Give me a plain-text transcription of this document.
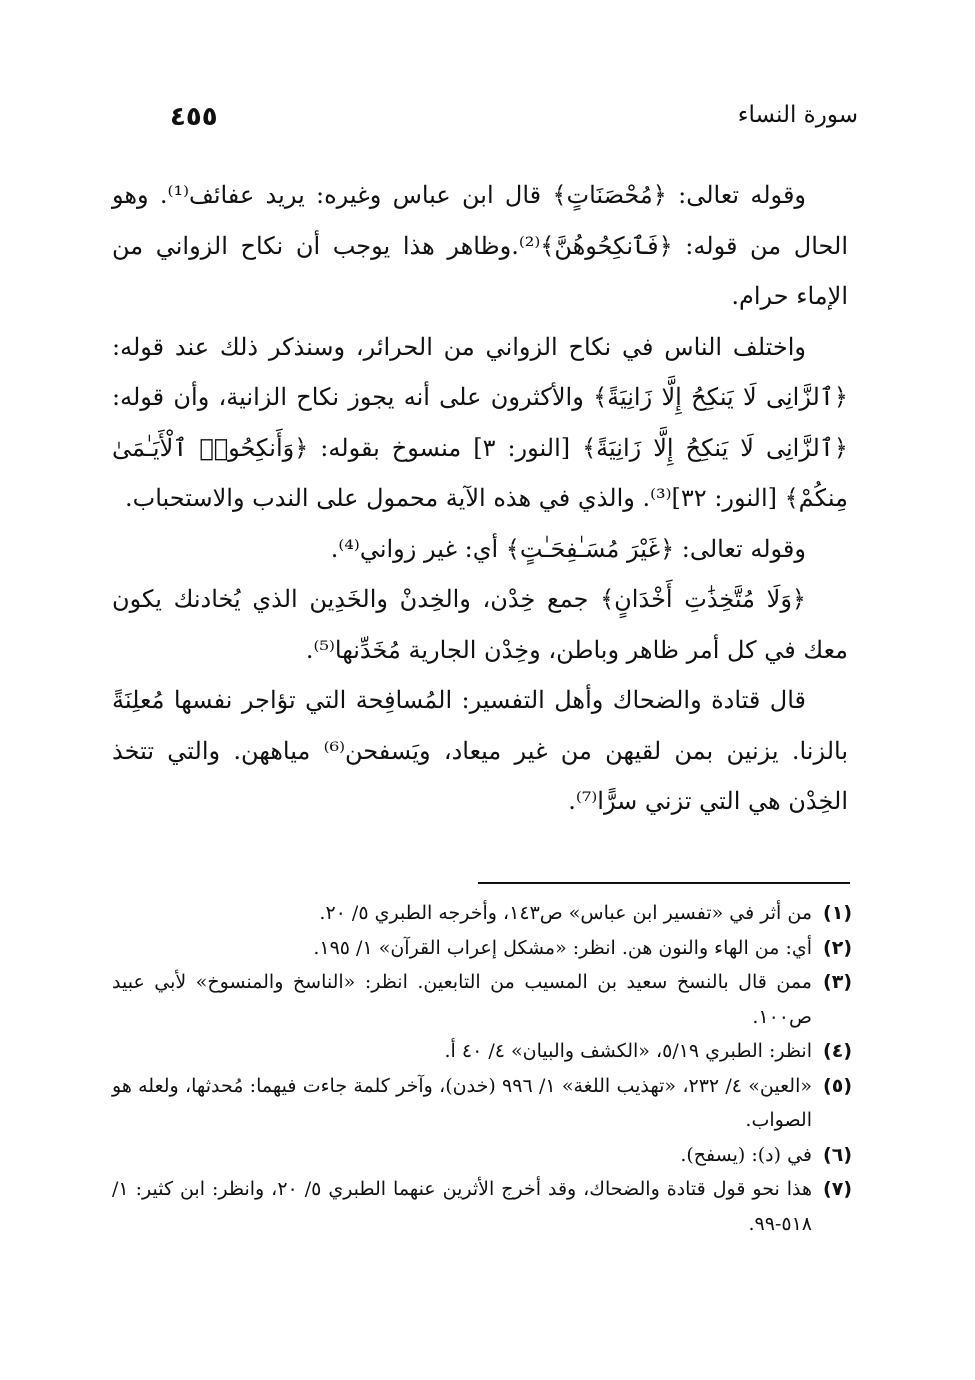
٤٥٥	سورة النساء

وقوله تعالى: ﴿مُحْصَنَاتٍ﴾ قال ابن عباس وغيره: يريد عفائف⁽¹⁾. وهو الحال من قوله: ﴿فَٱنكِحُوهُنَّ﴾⁽²⁾.وظاهر هذا يوجب أن نكاح الزواني من الإماء حرام.

واختلف الناس في نكاح الزواني من الحرائر، وسنذكر ذلك عند قوله: ﴿ٱلزَّانِى لَا يَنكِحُ إِلَّا زَانِيَةً﴾ والأكثرون على أنه يجوز نكاح الزانية، وأن قوله: ﴿ٱلزَّانِى لَا يَنكِحُ إِلَّا زَانِيَةً﴾ [النور: ٣] منسوخ بقوله: ﴿وَأَنكِحُوا۟ ٱلْأَيَـٰمَىٰ مِنكُمْ﴾ [النور: ٣٢]⁽³⁾. والذي في هذه الآية محمول على الندب والاستحباب.

وقوله تعالى: ﴿غَيْرَ مُسَـٰفِحَـٰتٍ﴾ أي: غير زواني⁽⁴⁾.

﴿وَلَا مُتَّخِذَٰتِ أَخْدَانٍ﴾ جمع خِدْن، والخِدنْ والخَدِين الذي يُخادنك يكون معك في كل أمر ظاهر وباطن، وخِدْن الجارية مُخَدِّنها⁽⁵⁾.

قال قتادة والضحاك وأهل التفسير: المُسافِحة التي تؤاجر نفسها مُعلِنَةً بالزنا. يزنين بمن لقيهن من غير ميعاد، ويَسفحن⁽⁶⁾ مياههن. والتي تتخذ الخِدْن هي التي تزني سرًّا⁽⁷⁾.

(١)
من أثر في «تفسير ابن عباس» ص١٤٣، وأخرجه الطبري ٥/ ٢٠.
(٢)
أي: من الهاء والنون هن. انظر: «مشكل إعراب القرآن» ١/ ١٩٥.
(٣)
ممن قال بالنسخ سعيد بن المسيب من التابعين. انظر: «الناسخ والمنسوخ» لأبي عبيد ص١٠٠.
(٤)
انظر: الطبري ٥/١٩، «الكشف والبيان» ٤/ ٤٠ أ.
(٥)
«العين» ٤/ ٢٣٢، «تهذيب اللغة» ١/ ٩٩٦ (خدن)، وآخر كلمة جاءت فيهما: مُحدثها، ولعله هو الصواب.
(٦)
في (د): (يسفح).
(٧)
هذا نحو قول قتادة والضحاك، وقد أخرج الأثرين عنهما الطبري ٥/ ٢٠، وانظر: ابن كثير: ١/ ٥١٨-٩٩.
